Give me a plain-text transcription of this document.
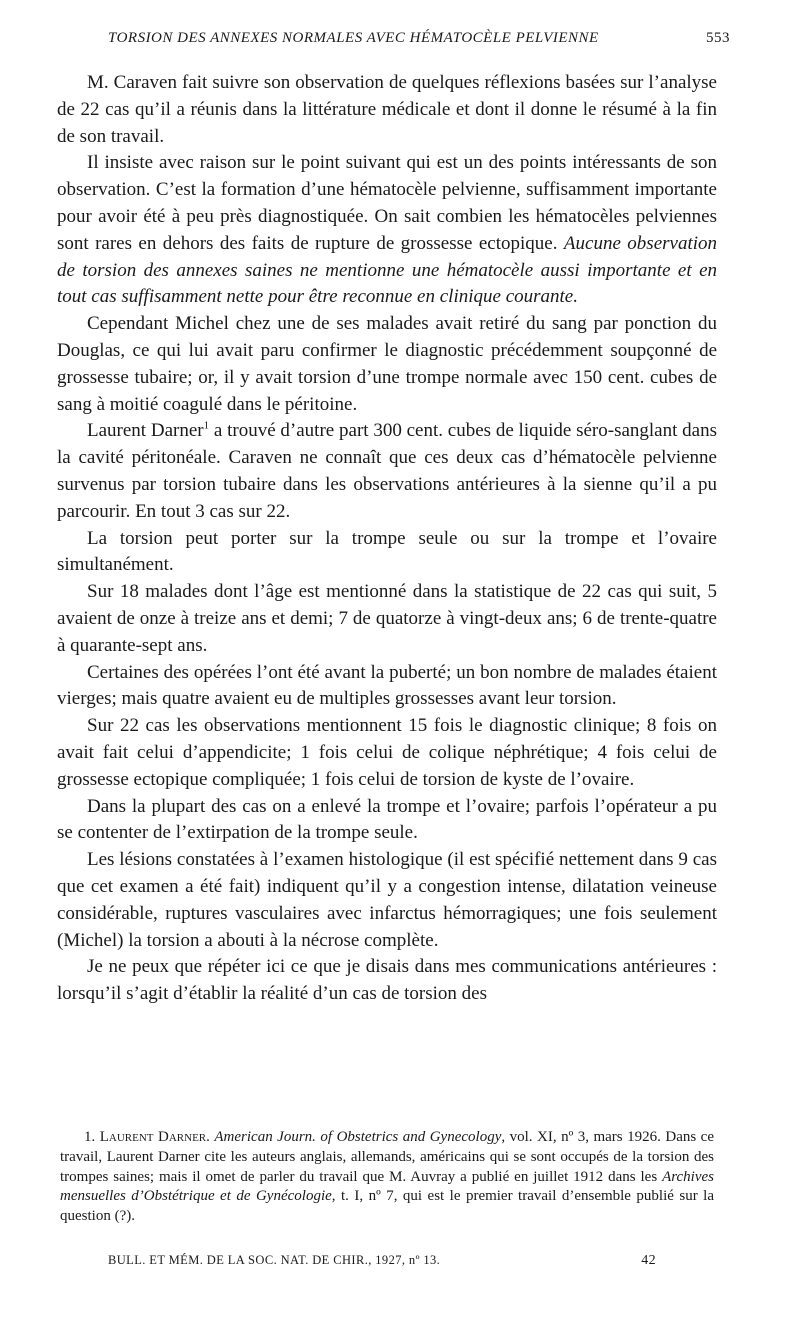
TORSION DES ANNEXES NORMALES AVEC HÉMATOCÈLE PELVIENNE	553

M. Caraven fait suivre son observation de quelques réflexions basées sur l’analyse de 22 cas qu’il a réunis dans la littérature médicale et dont il donne le résumé à la fin de son travail.

Il insiste avec raison sur le point suivant qui est un des points intéressants de son observation. C’est la formation d’une hématocèle pelvienne, suffisamment importante pour avoir été à peu près diagnostiquée. On sait combien les hématocèles pelviennes sont rares en dehors des faits de rupture de grossesse ectopique. Aucune observation de torsion des annexes saines ne mentionne une hématocèle aussi importante et en tout cas suffisamment nette pour être reconnue en clinique courante.

Cependant Michel chez une de ses malades avait retiré du sang par ponction du Douglas, ce qui lui avait paru confirmer le diagnostic précédemment soupçonné de grossesse tubaire; or, il y avait torsion d’une trompe normale avec 150 cent. cubes de sang à moitié coagulé dans le péritoine.

Laurent Darner$^1$ a trouvé d’autre part 300 cent. cubes de liquide séro-sanglant dans la cavité péritonéale. Caraven ne connaît que ces deux cas d’hématocèle pelvienne survenus par torsion tubaire dans les observations antérieures à la sienne qu’il a pu parcourir. En tout 3 cas sur 22.

La torsion peut porter sur la trompe seule ou sur la trompe et l’ovaire simultanément.

Sur 18 malades dont l’âge est mentionné dans la statistique de 22 cas qui suit, 5 avaient de onze à treize ans et demi; 7 de quatorze à vingt-deux ans; 6 de trente-quatre à quarante-sept ans.

Certaines des opérées l’ont été avant la puberté; un bon nombre de malades étaient vierges; mais quatre avaient eu de multiples grossesses avant leur torsion.

Sur 22 cas les observations mentionnent 15 fois le diagnostic clinique; 8 fois on avait fait celui d’appendicite; 1 fois celui de colique néphrétique; 4 fois celui de grossesse ectopique compliquée; 1 fois celui de torsion de kyste de l’ovaire.

Dans la plupart des cas on a enlevé la trompe et l’ovaire; parfois l’opérateur a pu se contenter de l’extirpation de la trompe seule.

Les lésions constatées à l’examen histologique (il est spécifié nettement dans 9 cas que cet examen a été fait) indiquent qu’il y a congestion intense, dilatation veineuse considérable, ruptures vasculaires avec infarctus hémorragiques; une fois seulement (Michel) la torsion a abouti à la nécrose complète.

Je ne peux que répéter ici ce que je disais dans mes communications antérieures : lorsqu’il s’agit d’établir la réalité d’un cas de torsion des

1. Laurent Darner. American Journ. of Obstetrics and Gynecology, vol. XI, nº 3, mars 1926. Dans ce travail, Laurent Darner cite les auteurs anglais, allemands, américains qui se sont occupés de la torsion des trompes saines; mais il omet de parler du travail que M. Auvray a publié en juillet 1912 dans les Archives mensuelles d’Obstétrique et de Gynécologie, t. I, nº 7, qui est le premier travail d’ensemble publié sur la question (?).

BULL. ET MÉM. DE LA SOC. NAT. DE CHIR., 1927, nº 13.	42
